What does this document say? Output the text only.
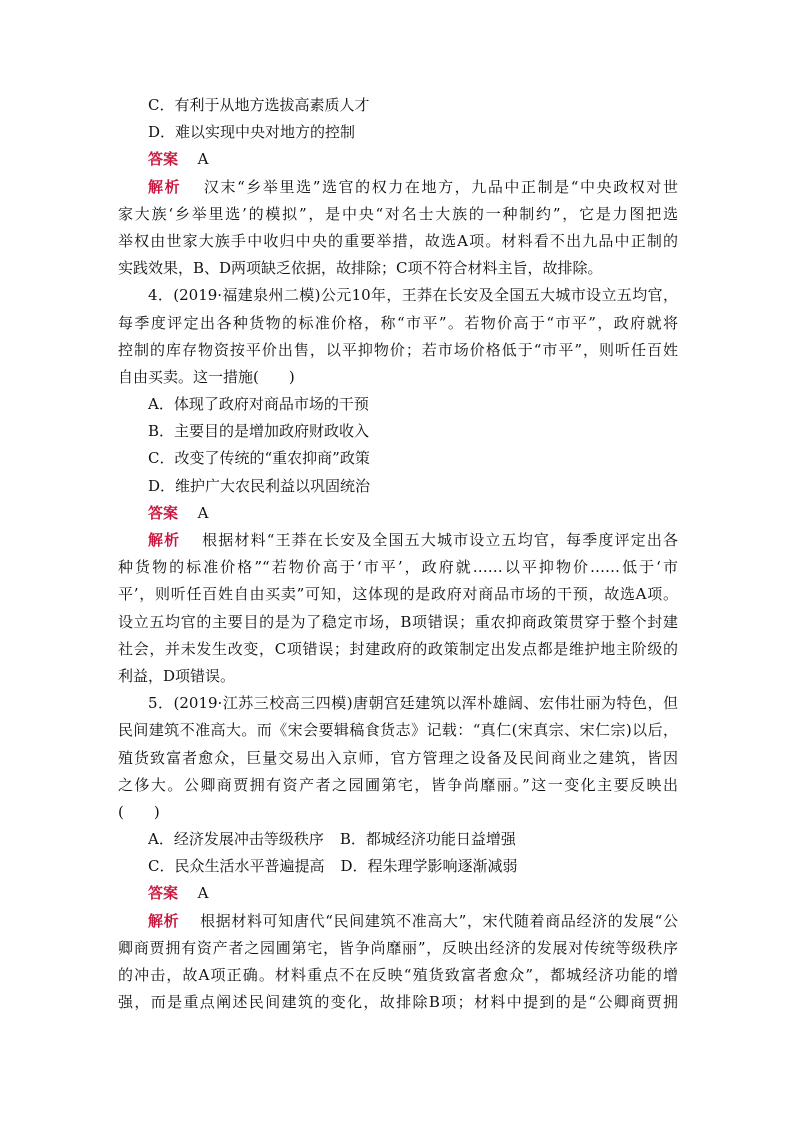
C．有利于从地方选拔高素质人才
D．难以实现中央对地方的控制
答案 A
解析 汉末“乡举里选”选官的权力在地方，九品中正制是“中央政权对世
家大族‘乡举里选’的模拟”，是中央“对名士大族的一种制约”，它是力图把选
举权由世家大族手中收归中央的重要举措，故选A项。材料看不出九品中正制的
实践效果，B、D两项缺乏依据，故排除；C项不符合材料主旨，故排除。
4．(2019·福建泉州二模)公元10年，王莽在长安及全国五大城市设立五均官，
每季度评定出各种货物的标准价格，称“市平”。若物价高于“市平”，政府就将
控制的库存物资按平价出售，以平抑物价；若市场价格低于“市平”，则听任百姓
自由买卖。这一措施(　　)
A．体现了政府对商品市场的干预
B．主要目的是增加政府财政收入
C．改变了传统的“重农抑商”政策
D．维护广大农民利益以巩固统治
答案 A
解析 根据材料“王莽在长安及全国五大城市设立五均官，每季度评定出各
种货物的标准价格”“若物价高于‘市平’，政府就……以平抑物价……低于‘市
平’，则听任百姓自由买卖”可知，这体现的是政府对商品市场的干预，故选A项。
设立五均官的主要目的是为了稳定市场，B项错误；重农抑商政策贯穿于整个封建
社会，并未发生改变，C项错误；封建政府的政策制定出发点都是维护地主阶级的
利益，D项错误。
5．(2019·江苏三校高三四模)唐朝宫廷建筑以浑朴雄阔、宏伟壮丽为特色，但
民间建筑不准高大。而《宋会要辑稿食货志》记载：“真仁(宋真宗、宋仁宗)以后，
殖货致富者愈众，巨量交易出入京师，官方管理之设备及民间商业之建筑，皆因
之侈大。公卿商贾拥有资产者之园圃第宅，皆争尚靡丽。”这一变化主要反映出
(　　)
A．经济发展冲击等级秩序 B．都城经济功能日益增强
C．民众生活水平普遍提高 D．程朱理学影响逐渐减弱
答案 A
解析 根据材料可知唐代“民间建筑不准高大”，宋代随着商品经济的发展“公
卿商贾拥有资产者之园圃第宅，皆争尚靡丽”，反映出经济的发展对传统等级秩序
的冲击，故A项正确。材料重点不在反映“殖货致富者愈众”，都城经济功能的增
强，而是重点阐述民间建筑的变化，故排除B项；材料中提到的是“公卿商贾拥
